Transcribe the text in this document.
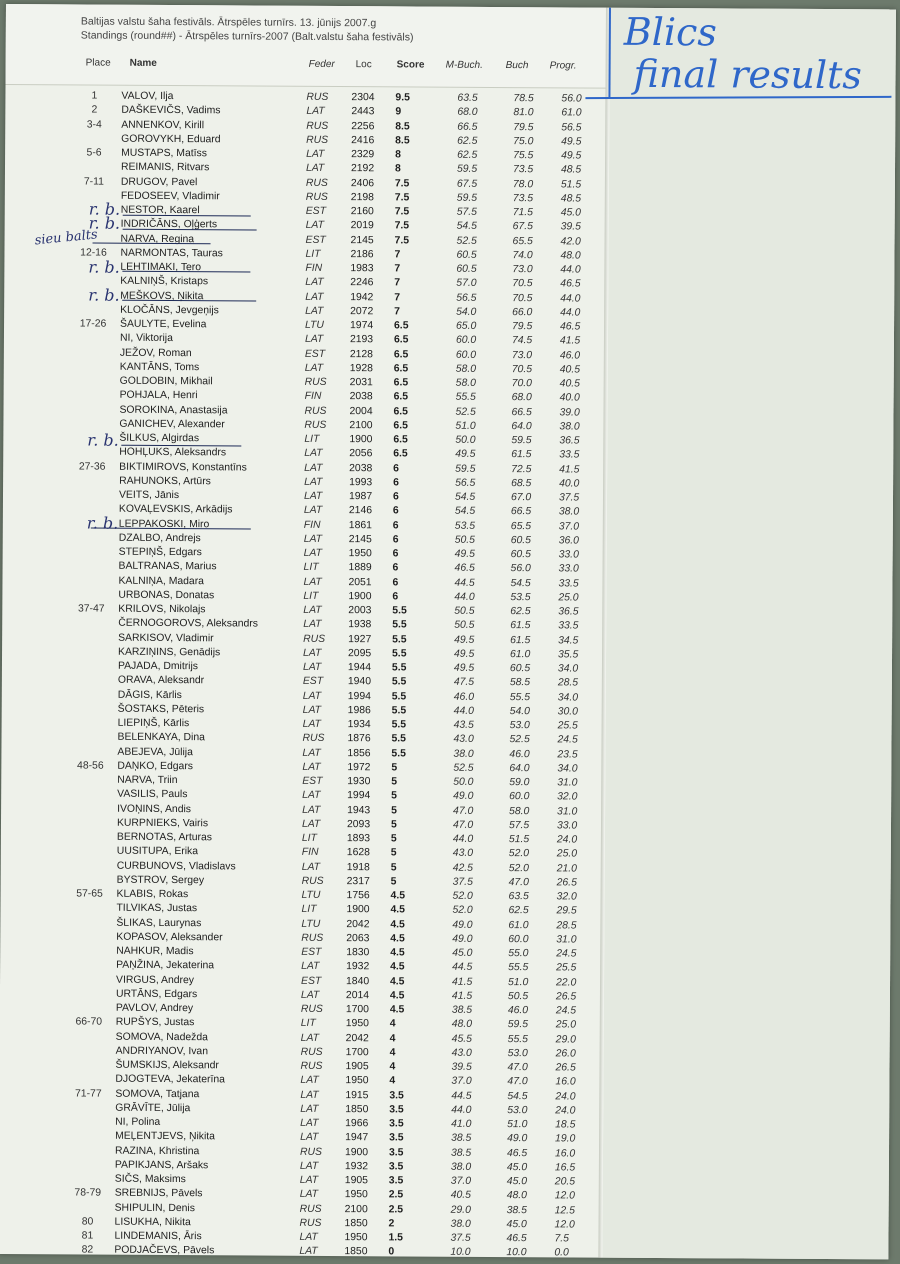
Baltijas valstu šaha festivāls. Ātrspēles turnīrs. 13. jūnijs 2007.g
Standings (round##) - Ātrspēles turnīrs-2007 (Balt.valstu šaha festivāls)
Place Name	Feder Loc Score M-Buch. Buch Progr.
1	VALOV, Ilja	RUS 2304 9.5	63.5	78.5	56.0
2	DAŠKEVIČS, Vadims	LAT	2443 9	68.0	81.0	61.0
3-4	ANNENKOV, Kirill	RUS 2256 8.5	66.5	79.5	56.5
GOROVYKH, Eduard	RUS 2416 8.5	62.5	75.0	49.5
5-6	MUSTAPS, Matīss	LAT	2329 8	62.5	75.5	49.5
REIMANIS, Ritvars	LAT	2192 8	59.5	73.5	48.5
7-11	DRUGOV, Pavel	RUS 2406 7.5	67.5	78.0	51.5
FEDOSEEV, Vladimir	RUS 2198 7.5	59.5	73.5	48.5
NESTOR, Kaarel	EST 2160 7.5	57.5	71.5	45.0
INDRIČĀNS, Oļģerts	LAT	2019 7.5	54.5	67.5	39.5
NARVA, Regina	EST 2145 7.5	52.5	65.5	42.0
12-16	NARMONTAS, Tauras	LIT	2186 7	60.5	74.0	48.0
LEHTIMAKI, Tero	FIN	1983 7	60.5	73.0	44.0
KALNIŅŠ, Kristaps	LAT	2246 7	57.0	70.5	46.5
MEŠKOVS, Ņikita	LAT	1942 7	56.5	70.5	44.0
KLOČĀNS, Jevgeņijs	LAT	2072 7	54.0	66.0	44.0
17-26	ŠAULYTE, Evelina	LTU	1974 6.5	65.0	79.5	46.5
NI, Viktorija	LAT	2193 6.5	60.0	74.5	41.5
JEŽOV, Roman	EST 2128 6.5	60.0	73.0	46.0
KANTĀNS, Toms	LAT	1928 6.5	58.0	70.5	40.5
GOLDOBIN, Mikhail	RUS 2031 6.5	58.0	70.0	40.5
POHJALA, Henri	FIN	2038 6.5	55.5	68.0	40.0
SOROKINA, Anastasija	RUS 2004 6.5	52.5	66.5	39.0
GANICHEV, Alexander	RUS 2100 6.5	51.0	64.0	38.0
ŠILKUS, Algirdas	LIT	1900 6.5	50.0	59.5	36.5
HOHĻUKS, Aleksandrs	LAT	2056 6.5	49.5	61.5	33.5
27-36	BIKTIMIROVS, Konstantīns	LAT	2038 6	59.5	72.5	41.5
RAHUNOKS, Artūrs	LAT	1993 6	56.5	68.5	40.0
VEITS, Jānis	LAT	1987 6	54.5	67.0	37.5
KOVAĻEVSKIS, Arkādijs	LAT	2146 6	54.5	66.5	38.0
LEPPAKOSKI, Miro	FIN	1861 6	53.5	65.5	37.0
DZALBO, Andrejs	LAT	2145 6	50.5	60.5	36.0
STEPIŅŠ, Edgars	LAT	1950 6	49.5	60.5	33.0
BALTRANAS, Marius	LIT	1889 6	46.5	56.0	33.0
KALNIŅA, Madara	LAT	2051 6	44.5	54.5	33.5
URBONAS, Donatas	LIT	1900 6	44.0	53.5	25.0
37-47	KRILOVS, Nikolajs	LAT	2003 5.5	50.5	62.5	36.5
ČERNOGOROVS, Aleksandrs	LAT	1938 5.5	50.5	61.5	33.5
SARKISOV, Vladimir	RUS 1927 5.5	49.5	61.5	34.5
KARZIŅINS, Genādijs	LAT	2095 5.5	49.5	61.0	35.5
PAJADA, Dmitrijs	LAT	1944 5.5	49.5	60.5	34.0
ORAVA, Aleksandr	EST 1940 5.5	47.5	58.5	28.5
DĀGIS, Kārlis	LAT	1994 5.5	46.0	55.5	34.0
ŠOSTAKS, Pēteris	LAT	1986 5.5	44.0	54.0	30.0
LIEPIŅŠ, Kārlis	LAT	1934 5.5	43.5	53.0	25.5
BELENKAYA, Dina	RUS 1876 5.5	43.0	52.5	24.5
ABEJEVA, Jūlija	LAT	1856 5.5	38.0	46.0	23.5
48-56	DAŅKO, Edgars	LAT	1972 5	52.5	64.0	34.0
NARVA, Triin	EST 1930 5	50.0	59.0	31.0
VASILIS, Pauls	LAT	1994 5	49.0	60.0	32.0
IVOŅINS, Andis	LAT	1943 5	47.0	58.0	31.0
KURPNIEKS, Vairis	LAT	2093 5	47.0	57.5	33.0
BERNOTAS, Arturas	LIT	1893 5	44.0	51.5	24.0
UUSITUPA, Erika	FIN	1628 5	43.0	52.0	25.0
CURBUNOVS, Vladislavs	LAT	1918 5	42.5	52.0	21.0
BYSTROV, Sergey	RUS 2317 5	37.5	47.0	26.5
57-65	KLABIS, Rokas	LTU	1756 4.5	52.0	63.5	32.0
TILVIKAS, Justas	LIT	1900 4.5	52.0	62.5	29.5
ŠLIKAS, Laurynas	LTU	2042 4.5	49.0	61.0	28.5
KOPASOV, Aleksander	RUS 2063 4.5	49.0	60.0	31.0
NAHKUR, Madis	EST 1830 4.5	45.0	55.0	24.5
PAŅŽINA, Jekaterina	LAT	1932 4.5	44.5	55.5	25.5
VIRGUS, Andrey	EST 1840 4.5	41.5	51.0	22.0
URTĀNS, Edgars	LAT	2014 4.5	41.5	50.5	26.5
PAVLOV, Andrey	RUS 1700 4.5	38.5	46.0	24.5
66-70	RUPŠYS, Justas	LIT	1950 4	48.0	59.5	25.0
SOMOVA, Nadežda	LAT	2042 4	45.5	55.5	29.0
ANDRIYANOV, Ivan	RUS 1700 4	43.0	53.0	26.0
ŠUMSKIJS, Aleksandr	RUS 1905 4	39.5	47.0	26.5
DJOGTEVA, Jekaterīna	LAT	1950 4	37.0	47.0	16.0
71-77	SOMOVA, Tatjana	LAT	1915 3.5	44.5	54.5	24.0
GRĀVĪTE, Jūlija	LAT	1850 3.5	44.0	53.0	24.0
NI, Polina	LAT	1966 3.5	41.0	51.0	18.5
MEĻENTJEVS, Ņikita	LAT	1947 3.5	38.5	49.0	19.0
RAZINA, Khristina	RUS 1900 3.5	38.5	46.5	16.0
PAPIKJANS, Aršaks	LAT	1932 3.5	38.0	45.0	16.5
SIČS, Maksims	LAT	1905 3.5	37.0	45.0	20.5
78-79	SREBNIJS, Pāvels	LAT	1950 2.5	40.5	48.0	12.0
SHIPULIN, Denis	RUS 2100 2.5	29.0	38.5	12.5
80	LISUKHA, Nikita	RUS 1850 2	38.0	45.0	12.0
81	LINDEMANIS, Āris	LAT	1950 1.5	37.5	46.5	7.5
82	PODJAČEVS, Pāvels	LAT	1850 0	10.0	10.0	0.0
r. b.
r. b.
r. b.
r. b.
r. b.
r. b.
sieu balts
Blics
final results
